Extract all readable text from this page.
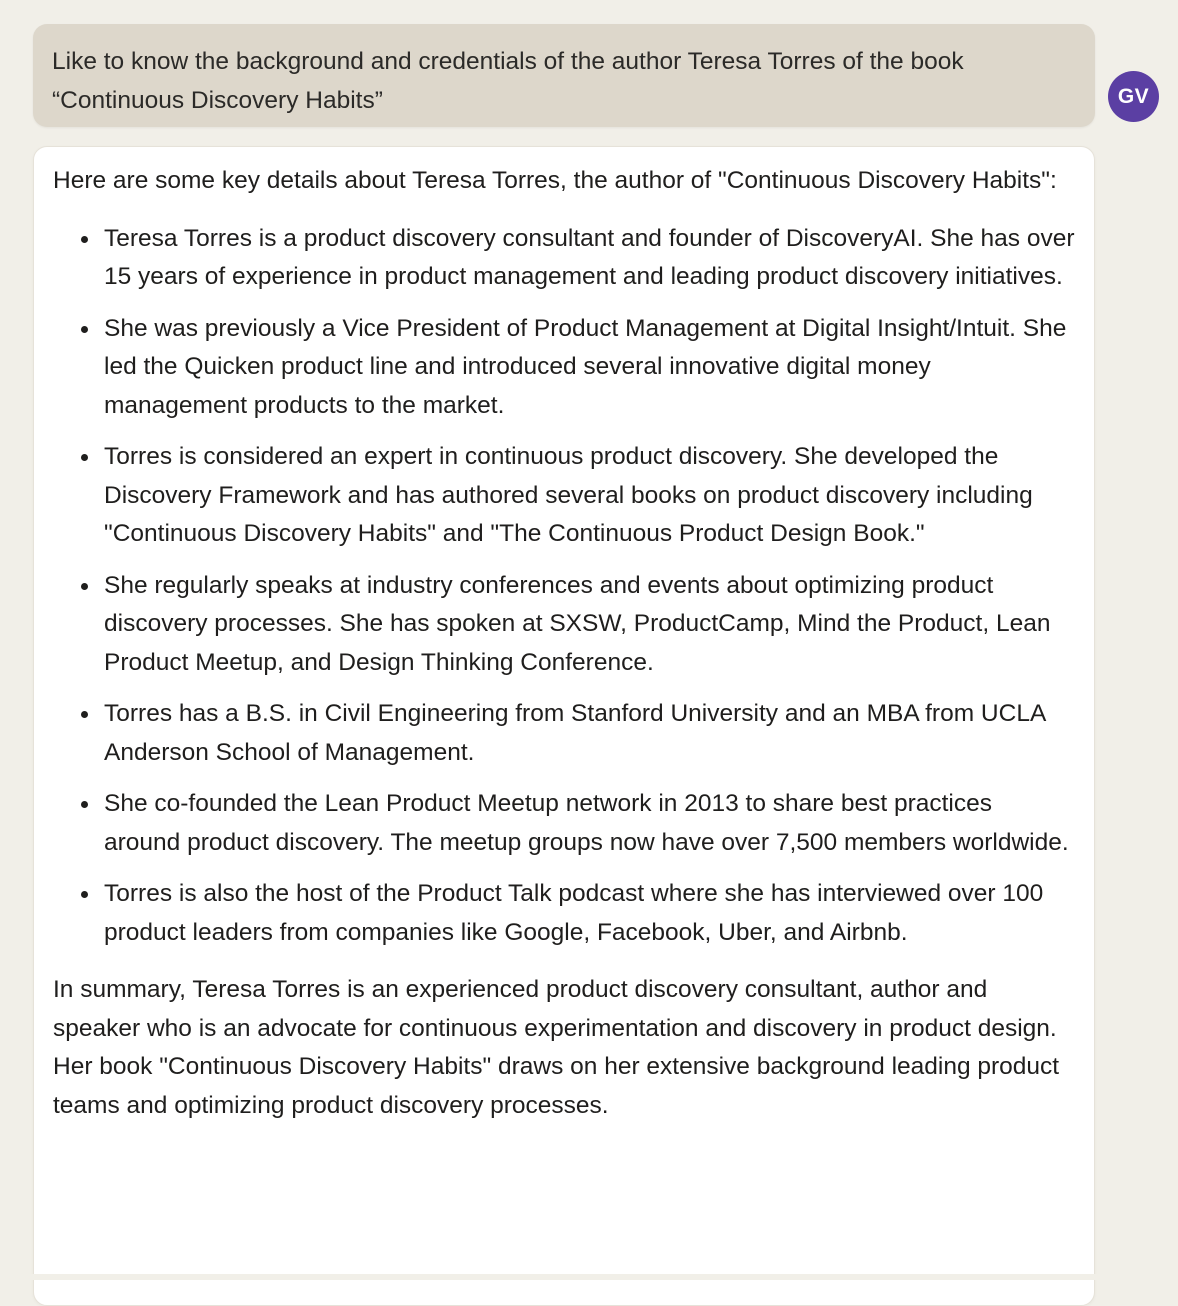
Like to know the background and credentials of the author Teresa Torres of the book “Continuous Discovery Habits”	GV

Here are some key details about Teresa Torres, the author of "Continuous Discovery Habits":

Teresa Torres is a product discovery consultant and founder of DiscoveryAI. She has over 15 years of experience in product management and leading product discovery initiatives.
She was previously a Vice President of Product Management at Digital Insight/Intuit. She led the Quicken product line and introduced several innovative digital money management products to the market.
Torres is considered an expert in continuous product discovery. She developed the Discovery Framework and has authored several books on product discovery including "Continuous Discovery Habits" and "The Continuous Product Design Book."
She regularly speaks at industry conferences and events about optimizing product discovery processes. She has spoken at SXSW, ProductCamp, Mind the Product, Lean Product Meetup, and Design Thinking Conference.
Torres has a B.S. in Civil Engineering from Stanford University and an MBA from UCLA Anderson School of Management.
She co-founded the Lean Product Meetup network in 2013 to share best practices around product discovery. The meetup groups now have over 7,500 members worldwide.
Torres is also the host of the Product Talk podcast where she has interviewed over 100 product leaders from companies like Google, Facebook, Uber, and Airbnb.

In summary, Teresa Torres is an experienced product discovery consultant, author and speaker who is an advocate for continuous experimentation and discovery in product design. Her book "Continuous Discovery Habits" draws on her extensive background leading product teams and optimizing product discovery processes.
